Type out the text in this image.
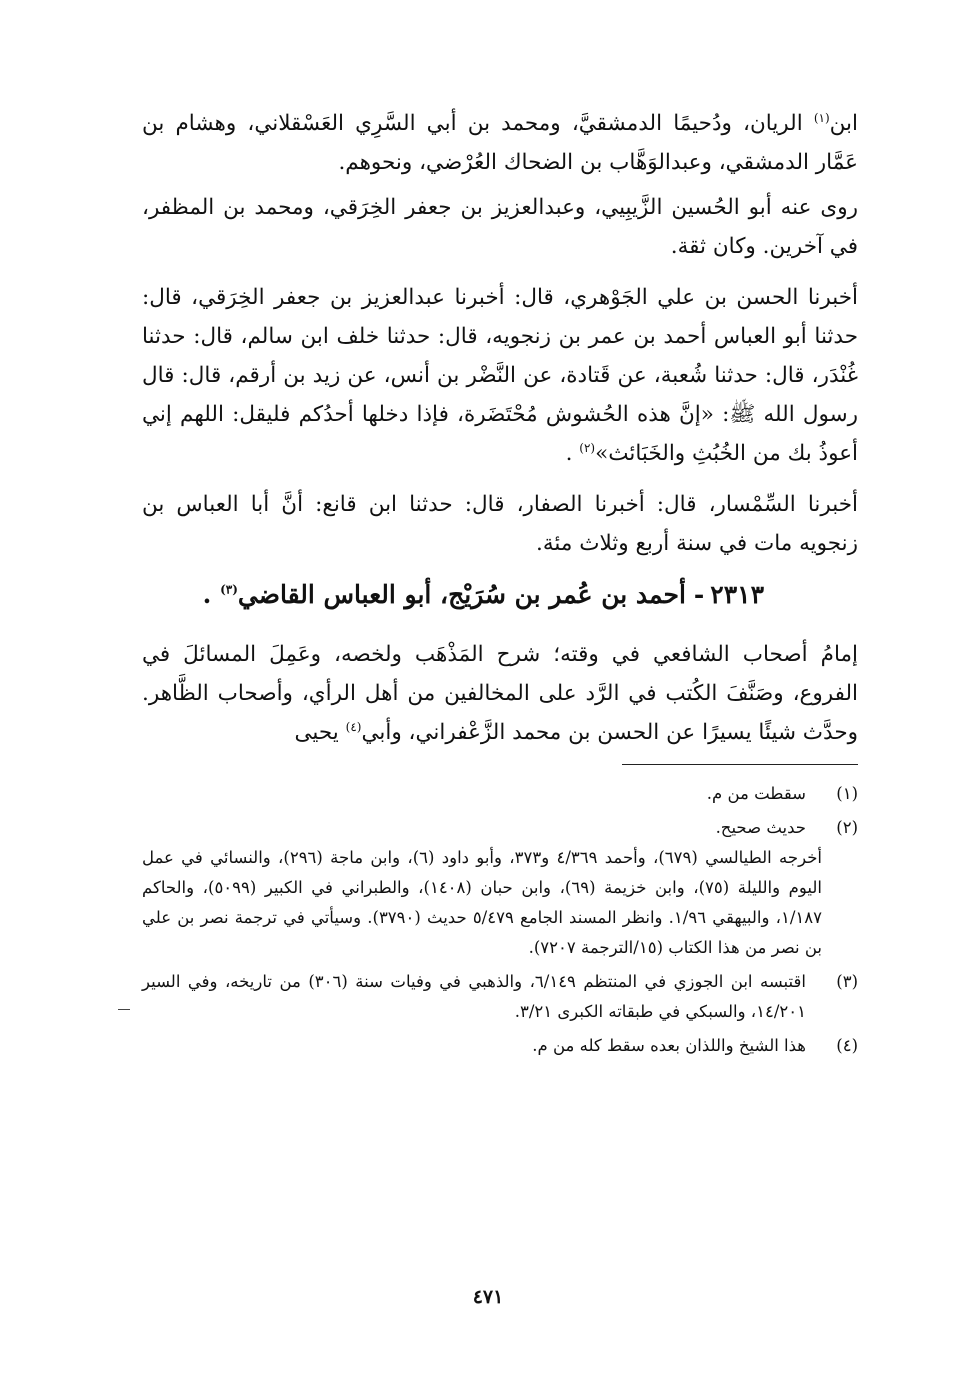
ابن$^{(١)}$ الريان، ودُحيمًا الدمشقيَّ، ومحمد بن أبي السَّرِي العَسْقلاني، وهشام بن عَمَّار الدمشقي، وعبدالوَهَّاب بن الضحاك العُرْضي، ونحوهم.

روى عنه أبو الحُسين الزَّيبِيي، وعبدالعزيز بن جعفر الخِرَقي، ومحمد بن المظفر، في آخرين. وكان ثقة.

أخبرنا الحسن بن علي الجَوْهري، قال: أخبرنا عبدالعزيز بن جعفر الخِرَقي، قال: حدثنا أبو العباس أحمد بن عمر بن زنجويه، قال: حدثنا خلف ابن سالم، قال: حدثنا غُنْدَر، قال: حدثنا شُعبة، عن قَتادة، عن النَّضْر بن أنس، عن زيد بن أرقم، قال: قال رسول الله ﷺ: «إنَّ هذه الحُشوش مُحْتَضَرة، فإذا دخلها أحدُكم فليقل: اللهم إني أعوذُ بك من الخُبُثِ والخَبَائث»$^{(٢)}$ .

أخبرنا السِّمْسار، قال: أخبرنا الصفار، قال: حدثنا ابن قانع: أنَّ أبا العباس بن زنجويه مات في سنة أربع وثلاث مئة.

٢٣١٣-أحمد بن عُمر بن سُرَيْج، أبو العباس القاضي$^{(٣)}$ .

إمامُ أصحاب الشافعي في وقته؛ شرح المَذْهَب ولخصه، وعَمِلَ المسائلَ في الفروع، وصَنَّفَ الكُتب في الرَّد على المخالفين من أهل الرأي، وأصحاب الظَّاهر. وحدَّث شيئًا يسيرًا عن الحسن بن محمد الزَّعْفراني، وأبي$^{(٤)}$ يحيى

(١)

سقطت من م.

(٢)

حديث صحيح.

أخرجه الطيالسي (٦٧٩)، وأحمد ٤/٣٦٩ و٣٧٣، وأبو داود (٦)، وابن ماجة (٢٩٦)، والنسائي في عمل اليوم والليلة (٧٥)، وابن خزيمة (٦٩)، وابن حبان (١٤٠٨)، والطبراني في الكبير (٥٠٩٩)، والحاكم ١/١٨٧، والبيهقي ١/٩٦. وانظر المسند الجامع ٥/٤٧٩ حديث (٣٧٩٠). وسيأتي في ترجمة نصر بن علي بن نصر من هذا الكتاب (١٥/الترجمة ٧٢٠٧).

(٣)

اقتبسه ابن الجوزي في المنتظم ٦/١٤٩، والذهبي في وفيات سنة (٣٠٦) من تاريخه، وفي السير ١٤/٢٠١، والسبكي في طبقاته الكبرى ٣/٢١.

(٤)

هذا الشيخ واللذان بعده سقط كله من م.

٤٧١
